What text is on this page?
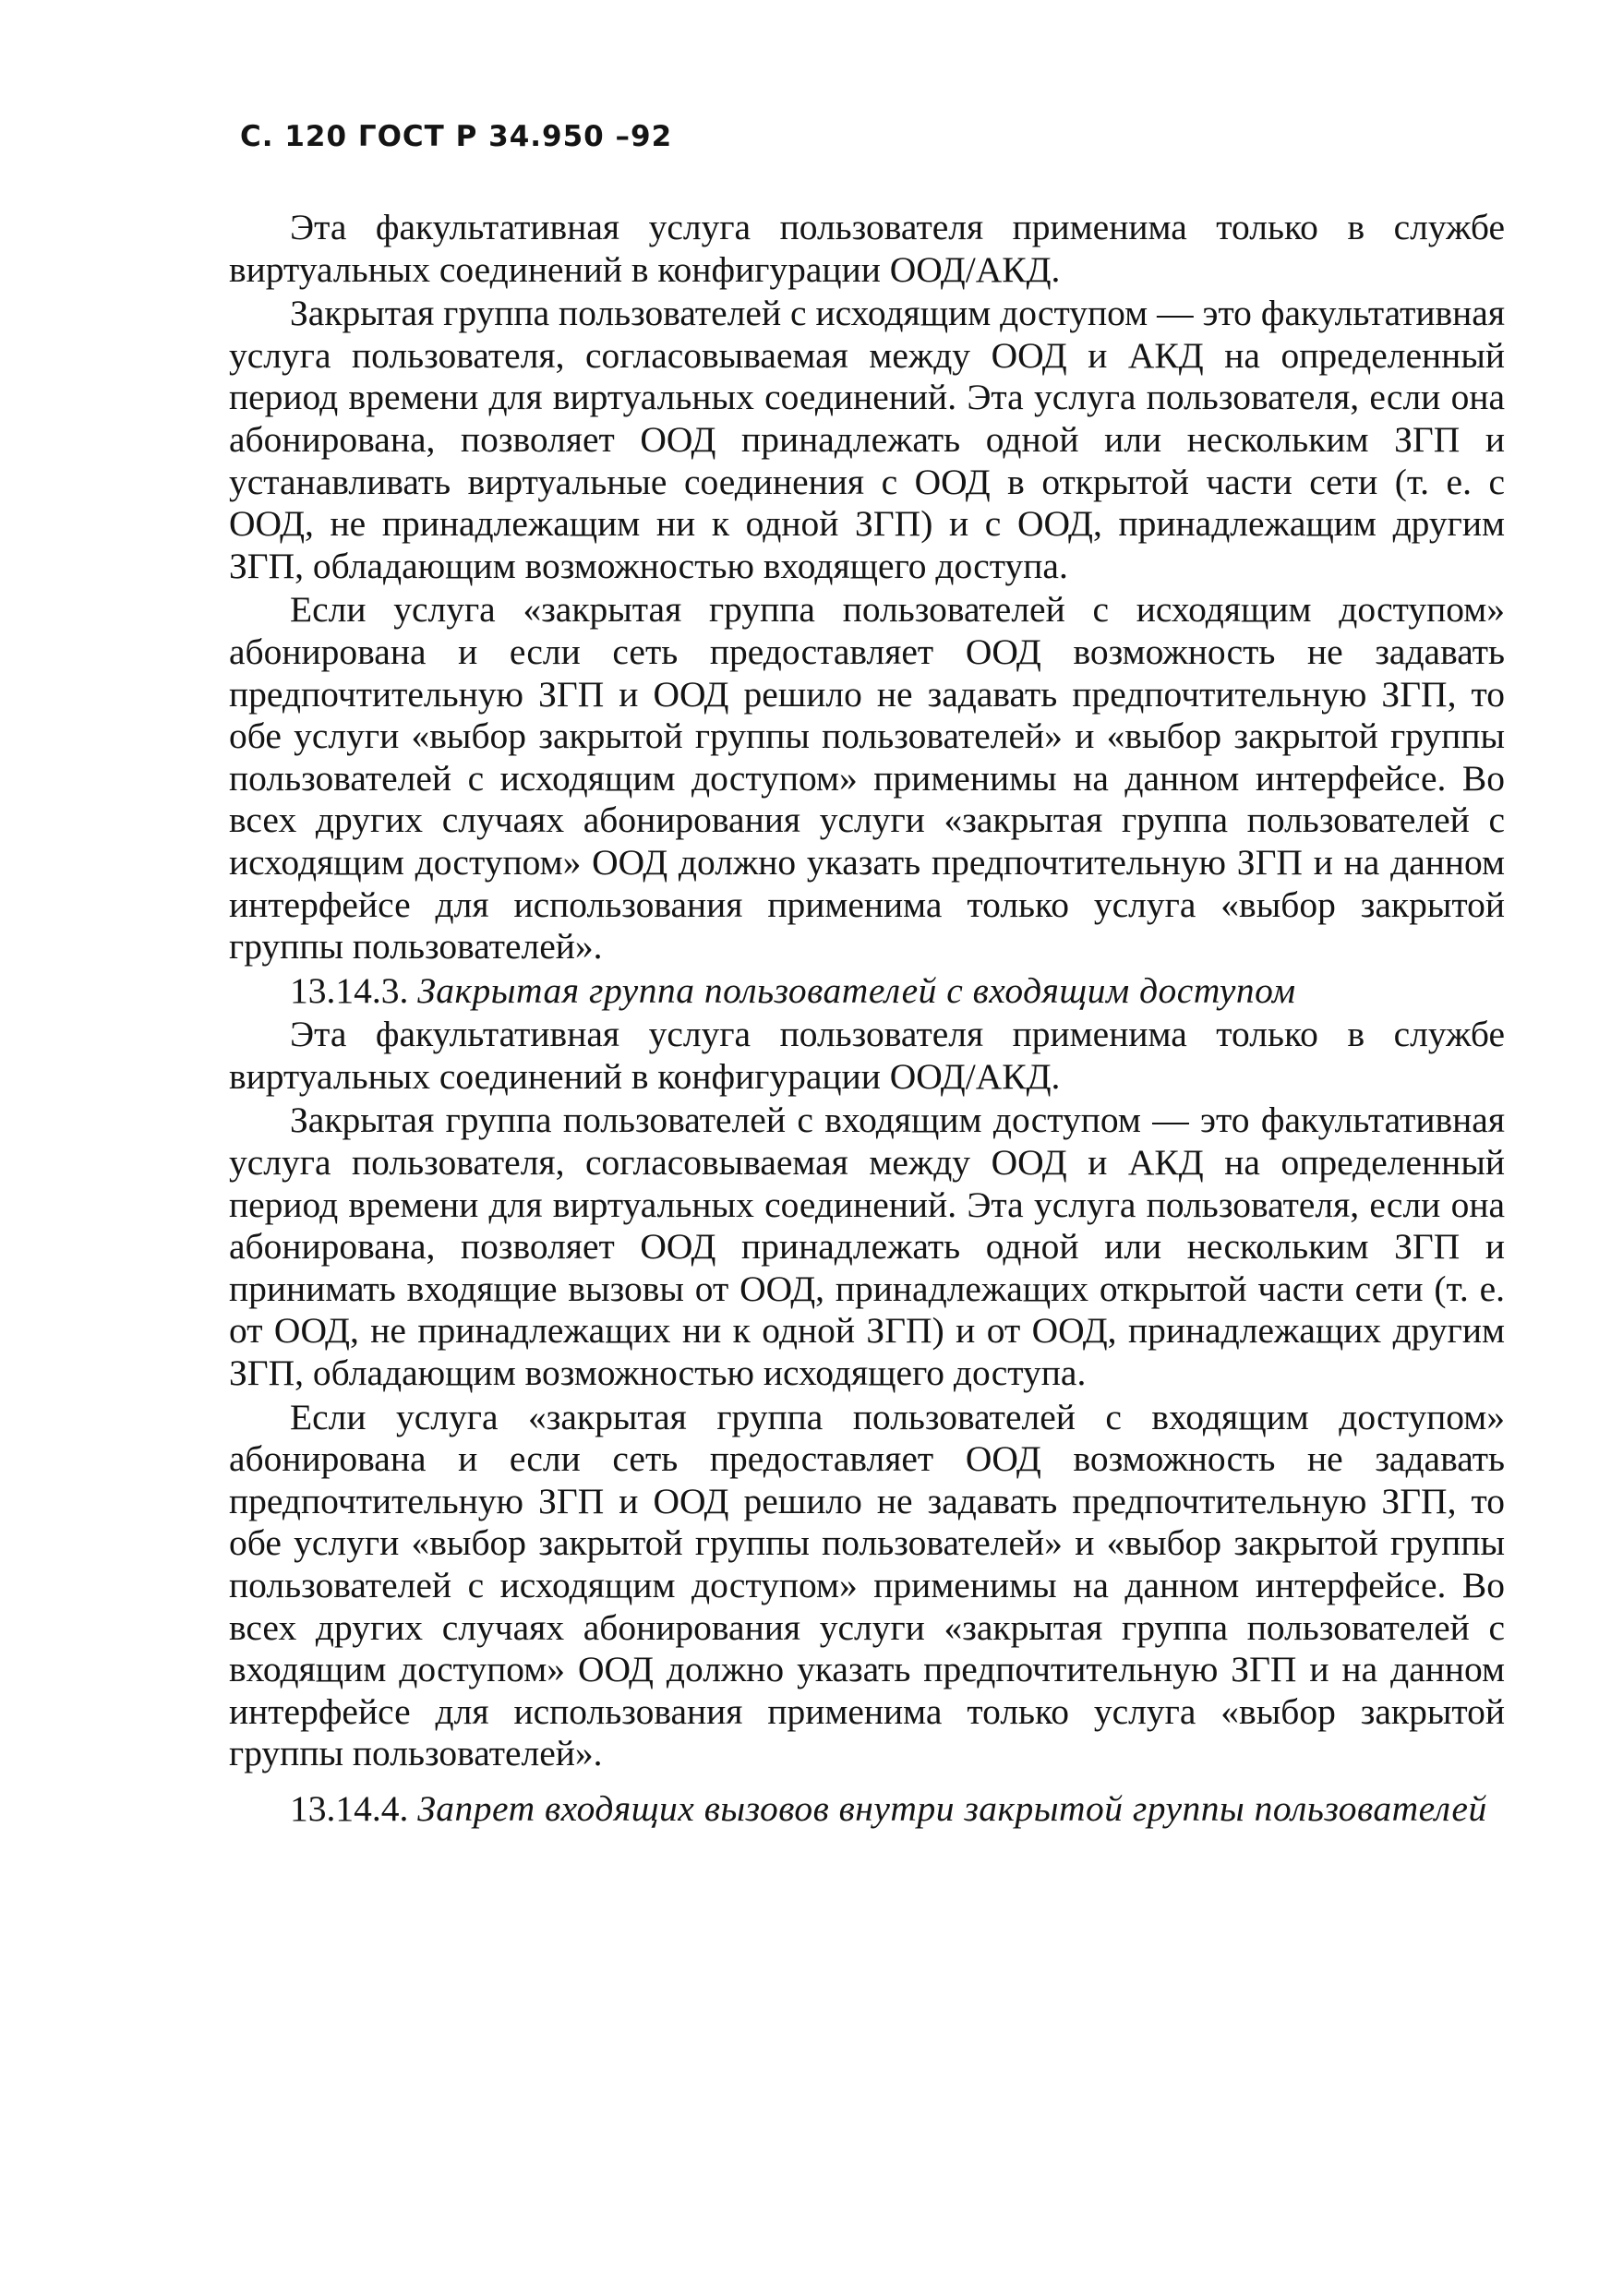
С. 120 ГОСТ Р 34.950 –92

Эта факультативная услуга пользователя применима только в службе виртуальных соединений в конфигурации ООД/АКД.

Закрытая группа пользователей с исходящим доступом — это факультативная услуга пользователя, согласовываемая между ООД и АКД на определенный период времени для виртуальных соединений. Эта услуга пользователя, если она абонирована, позволяет ООД принадлежать одной или нескольким ЗГП и устанавливать виртуальные соединения с ООД в открытой части сети (т. е. с ООД, не принадлежащим ни к одной ЗГП) и с ООД, принадлежащим другим ЗГП, обладающим возможностью входящего доступа.

Если услуга «закрытая группа пользователей с исходящим доступом» абонирована и если сеть предоставляет ООД возможность не задавать предпочтительную ЗГП и ООД решило не задавать предпочтительную ЗГП, то обе услуги «выбор закрытой группы пользователей» и «выбор закрытой группы пользователей с исходящим доступом» применимы на данном интерфейсе. Во всех других случаях абонирования услуги «закрытая группа пользователей с исходящим доступом» ООД должно указать предпочтительную ЗГП и на данном интерфейсе для использования применима только услуга «выбор закрытой группы пользователей».

13.14.3. Закрытая группа пользователей с входящим доступом

Эта факультативная услуга пользователя применима только в службе виртуальных соединений в конфигурации ООД/АКД.

Закрытая группа пользователей с входящим доступом — это факультативная услуга пользователя, согласовываемая между ООД и АКД на определенный период времени для виртуальных соединений. Эта услуга пользователя, если она абонирована, позволяет ООД принадлежать одной или нескольким ЗГП и принимать входящие вызовы от ООД, принадлежащих открытой части сети (т. е. от ООД, не принадлежащих ни к одной ЗГП) и от ООД, принадлежащих другим ЗГП, обладающим возможностью исходящего доступа.

Если услуга «закрытая группа пользователей с входящим доступом» абонирована и если сеть предоставляет ООД возможность не задавать предпочтительную ЗГП и ООД решило не задавать предпочтительную ЗГП, то обе услуги «выбор закрытой группы пользователей» и «выбор закрытой группы пользователей с исходящим доступом» применимы на данном интерфейсе. Во всех других случаях абонирования услуги «закрытая группа пользователей с входящим доступом» ООД должно указать предпочтительную ЗГП и на данном интерфейсе для использования применима только услуга «выбор закрытой группы пользователей».

13.14.4. Запрет входящих вызовов внутри закрытой группы пользователей
